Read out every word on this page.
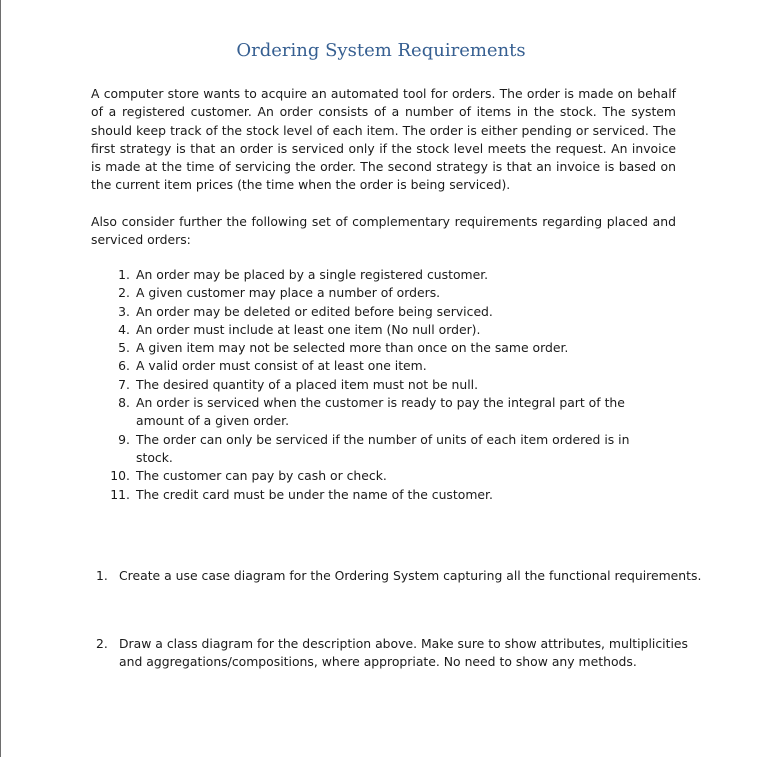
Ordering System Requirements

A computer store wants to acquire an automated tool for orders. The order is made on behalf of a registered customer. An order consists of a number of items in the stock. The system should keep track of the stock level of each item. The order is either pending or serviced. The first strategy is that an order is serviced only if the stock level meets the request. An invoice is made at the time of servicing the order. The second strategy is that an invoice is based on the current item prices (the time when the order is being serviced).

Also consider further the following set of complementary requirements regarding placed and serviced orders:

1. An order may be placed by a single registered customer.
2. A given customer may place a number of orders.
3. An order may be deleted or edited before being serviced.
4. An order must include at least one item (No null order).
5. A given item may not be selected more than once on the same order.
6. A valid order must consist of at least one item.
7. The desired quantity of a placed item must not be null.
8. An order is serviced when the customer is ready to pay the integral part of the amount of a given order.
9. The order can only be serviced if the number of units of each item ordered is in stock.
10. The customer can pay by cash or check.
11. The credit card must be under the name of the customer.
1. Create a use case diagram for the Ordering System capturing all the functional requirements.
2. Draw a class diagram for the description above. Make sure to show attributes, multiplicities and aggregations/compositions, where appropriate. No need to show any methods.
